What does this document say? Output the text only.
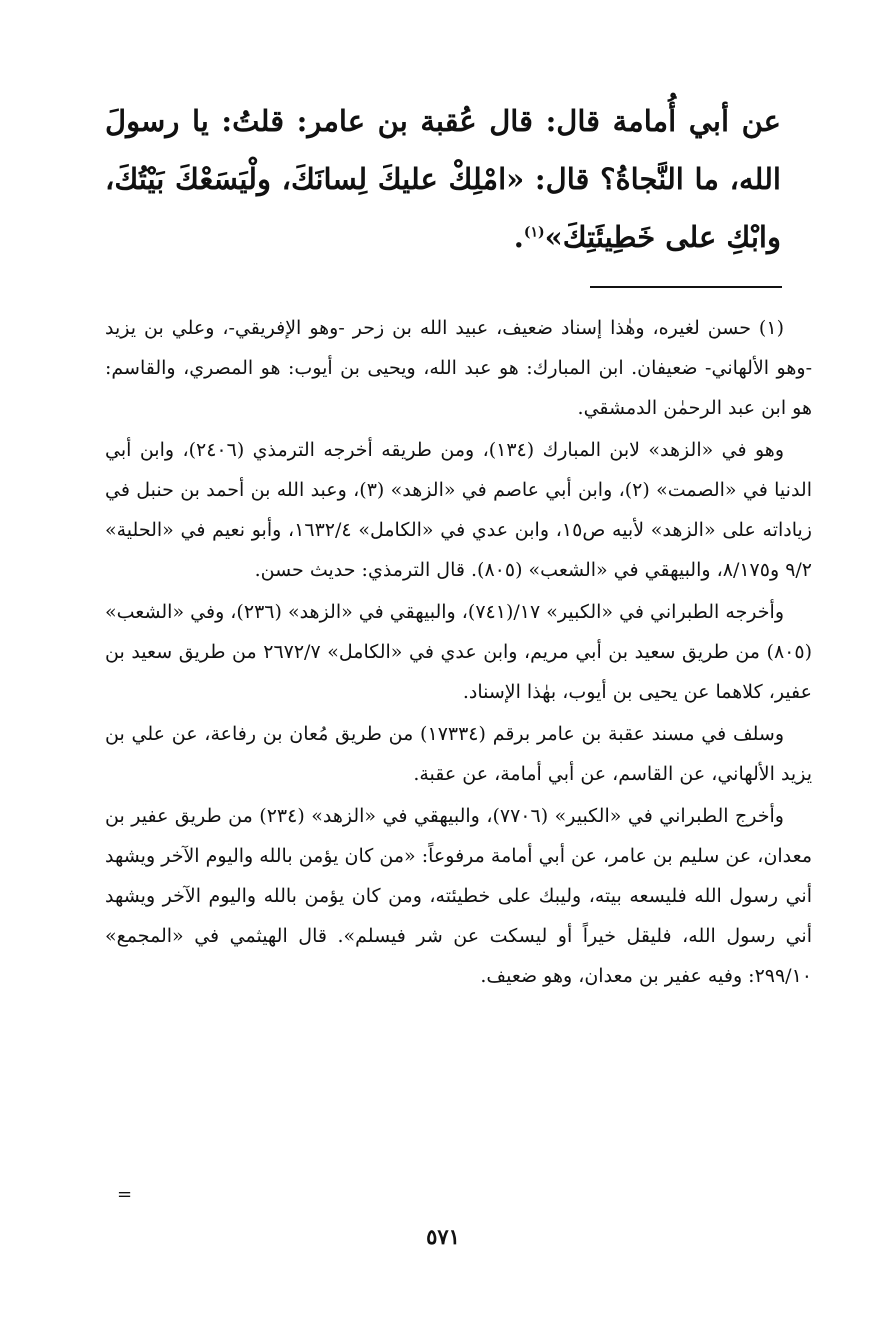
عن أبي أُمامة قال: قال عُقبة بن عامر: قلتُ: يا رسولَ الله، ما النَّجاةُ؟ قال: «امْلِكْ عليكَ لِسانَكَ، ولْيَسَعْكَ بَيْتُكَ، وابْكِ على خَطِيئَتِكَ»$^{(١)}$.

(١) حسن لغيره، وهٰذا إسناد ضعيف، عبيد الله بن زحر -وهو الإفريقي-، وعلي بن يزيد -وهو الألهاني- ضعيفان. ابن المبارك: هو عبد الله، ويحيى بن أيوب: هو المصري، والقاسم: هو ابن عبد الرحمٰن الدمشقي.

وهو في «الزهد» لابن المبارك (١٣٤)، ومن طريقه أخرجه الترمذي (٢٤٠٦)، وابن أبي الدنيا في «الصمت» (٢)، وابن أبي عاصم في «الزهد» (٣)، وعبد الله بن أحمد بن حنبل في زياداته على «الزهد» لأبيه ص١٥، وابن عدي في «الكامل» ١٦٣٢/٤، وأبو نعيم في «الحلية» ٩/٢ و٨/١٧٥، والبيهقي في «الشعب» (٨٠٥). قال الترمذي: حديث حسن.

وأخرجه الطبراني في «الكبير» ١٧/(٧٤١)، والبيهقي في «الزهد» (٢٣٦)، وفي «الشعب» (٨٠٥) من طريق سعيد بن أبي مريم، وابن عدي في «الكامل» ٢٦٧٢/٧ من طريق سعيد بن عفير، كلاهما عن يحيى بن أيوب، بهٰذا الإسناد.

وسلف في مسند عقبة بن عامر برقم (١٧٣٣٤) من طريق مُعان بن رفاعة، عن علي بن يزيد الألهاني، عن القاسم، عن أبي أمامة، عن عقبة.

وأخرج الطبراني في «الكبير» (٧٧٠٦)، والبيهقي في «الزهد» (٢٣٤) من طريق عفير بن معدان، عن سليم بن عامر، عن أبي أمامة مرفوعاً: «من كان يؤمن بالله واليوم الآخر ويشهد أني رسول الله فليسعه بيته، وليبك على خطيئته، ومن كان يؤمن بالله واليوم الآخر ويشهد أني رسول الله، فليقل خيراً أو ليسكت عن شر فيسلم». قال الهيثمي في «المجمع» ٢٩٩/١٠: وفيه عفير بن معدان، وهو ضعيف.

=
٥٧١
